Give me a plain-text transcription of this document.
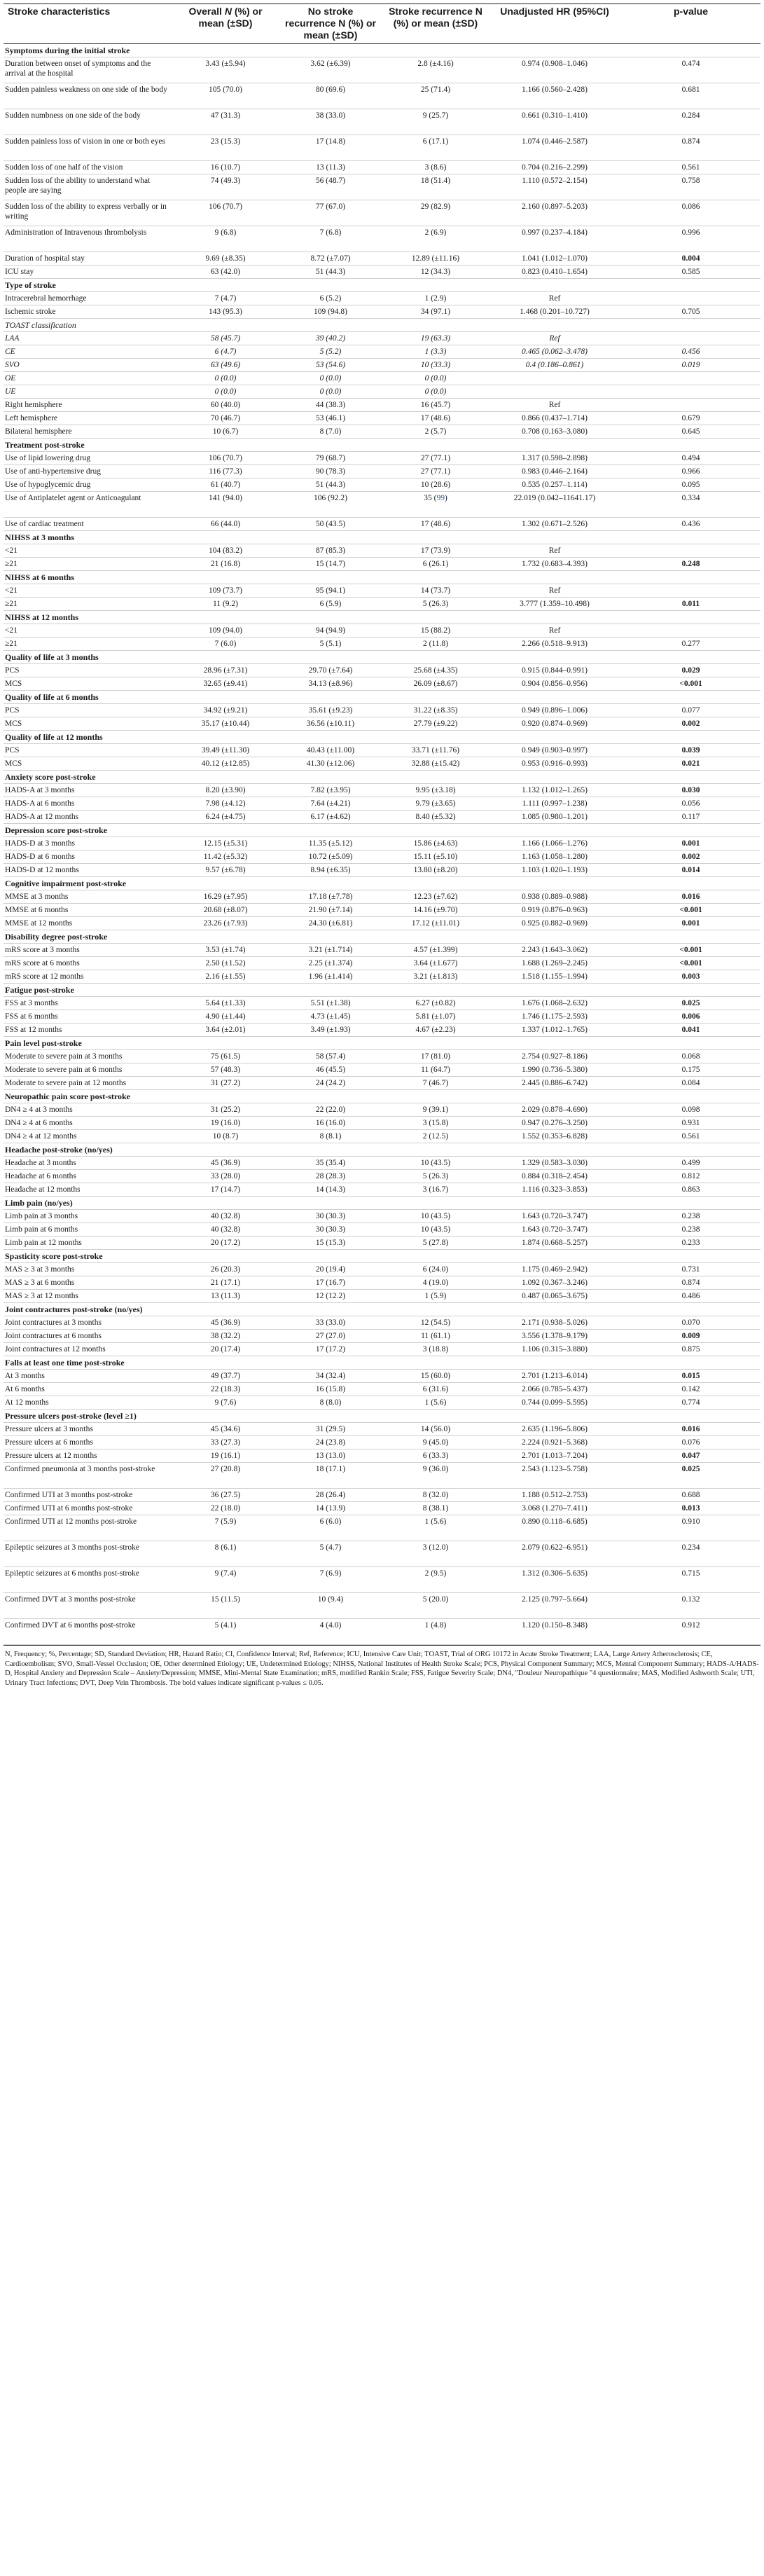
Stroke characteristics	Overall N (%) or mean (±SD)	No stroke recurrence N (%) or mean (±SD)	Stroke recurrence N (%) or mean (±SD)	Unadjusted HR (95%CI)	p-value
Symptoms during the initial stroke					
Duration between onset of symptoms and the arrival at the hospital	3.43 (±5.94)	3.62 (±6.39)	2.8 (±4.16)	0.974 (0.908–1.046)	0.474
Sudden painless weakness on one side of the body	105 (70.0)	80 (69.6)	25 (71.4)	1.166 (0.560–2.428)	0.681
Sudden numbness on one side of the body	47 (31.3)	38 (33.0)	9 (25.7)	0.661 (0.310–1.410)	0.284
Sudden painless loss of vision in one or both eyes	23 (15.3)	17 (14.8)	6 (17.1)	1.074 (0.446–2.587)	0.874
Sudden loss of one half of the vision	16 (10.7)	13 (11.3)	3 (8.6)	0.704 (0.216–2.299)	0.561
Sudden loss of the ability to understand what people are saying	74 (49.3)	56 (48.7)	18 (51.4)	1.110 (0.572–2.154)	0.758
Sudden loss of the ability to express verbally or in writing	106 (70.7)	77 (67.0)	29 (82.9)	2.160 (0.897–5.203)	0.086
Administration of Intravenous thrombolysis	9 (6.8)	7 (6.8)	2 (6.9)	0.997 (0.237–4.184)	0.996
Duration of hospital stay	9.69 (±8.35)	8.72 (±7.07)	12.89 (±11.16)	1.041 (1.012–1.070)	0.004
ICU stay	63 (42.0)	51 (44.3)	12 (34.3)	0.823 (0.410–1.654)	0.585
Type of stroke					
Intracerebral hemorrhage	7 (4.7)	6 (5.2)	1 (2.9)	Ref	
Ischemic stroke	143 (95.3)	109 (94.8)	34 (97.1)	1.468 (0.201–10.727)	0.705
TOAST classification					
LAA	58 (45.7)	39 (40.2)	19 (63.3)	Ref	
CE	6 (4.7)	5 (5.2)	1 (3.3)	0.465 (0.062–3.478)	0.456
SVO	63 (49.6)	53 (54.6)	10 (33.3)	0.4 (0.186–0.861)	0.019
OE	0 (0.0)	0 (0.0)	0 (0.0)		
UE	0 (0.0)	0 (0.0)	0 (0.0)		
Right hemisphere	60 (40.0)	44 (38.3)	16 (45.7)	Ref	
Left hemisphere	70 (46.7)	53 (46.1)	17 (48.6)	0.866 (0.437–1.714)	0.679
Bilateral hemisphere	10 (6.7)	8 (7.0)	2 (5.7)	0.708 (0.163–3.080)	0.645
Treatment post-stroke					
Use of lipid lowering drug	106 (70.7)	79 (68.7)	27 (77.1)	1.317 (0.598–2.898)	0.494
Use of anti-hypertensive drug	116 (77.3)	90 (78.3)	27 (77.1)	0.983 (0.446–2.164)	0.966
Use of hypoglycemic drug	61 (40.7)	51 (44.3)	10 (28.6)	0.535 (0.257–1.114)	0.095
Use of Antiplatelet agent or Anticoagulant	141 (94.0)	106 (92.2)	35 (99)	22.019 (0.042–11641.17)	0.334
Use of cardiac treatment	66 (44.0)	50 (43.5)	17 (48.6)	1.302 (0.671–2.526)	0.436
NIHSS at 3 months					
<21	104 (83.2)	87 (85.3)	17 (73.9)	Ref	
≥21	21 (16.8)	15 (14.7)	6 (26.1)	1.732 (0.683–4.393)	0.248
NIHSS at 6 months					
<21	109 (73.7)	95 (94.1)	14 (73.7)	Ref	
≥21	11 (9.2)	6 (5.9)	5 (26.3)	3.777 (1.359–10.498)	0.011
NIHSS at 12 months					
<21	109 (94.0)	94 (94.9)	15 (88.2)	Ref	
≥21	7 (6.0)	5 (5.1)	2 (11.8)	2.266 (0.518–9.913)	0.277
Quality of life at 3 months					
PCS	28.96 (±7.31)	29.70 (±7.64)	25.68 (±4.35)	0.915 (0.844–0.991)	0.029
MCS	32.65 (±9.41)	34.13 (±8.96)	26.09 (±8.67)	0.904 (0.856–0.956)	<0.001
Quality of life at 6 months					
PCS	34.92 (±9.21)	35.61 (±9.23)	31.22 (±8.35)	0.949 (0.896–1.006)	0.077
MCS	35.17 (±10.44)	36.56 (±10.11)	27.79 (±9.22)	0.920 (0.874–0.969)	0.002
Quality of life at 12 months					
PCS	39.49 (±11.30)	40.43 (±11.00)	33.71 (±11.76)	0.949 (0.903–0.997)	0.039
MCS	40.12 (±12.85)	41.30 (±12.06)	32.88 (±15.42)	0.953 (0.916–0.993)	0.021
Anxiety score post-stroke					
HADS-A at 3 months	8.20 (±3.90)	7.82 (±3.95)	9.95 (±3.18)	1.132 (1.012–1.265)	0.030
HADS-A at 6 months	7.98 (±4.12)	7.64 (±4.21)	9.79 (±3.65)	1.111 (0.997–1.238)	0.056
HADS-A at 12 months	6.24 (±4.75)	6.17 (±4.62)	8.40 (±5.32)	1.085 (0.980–1.201)	0.117
Depression score post-stroke					
HADS-D at 3 months	12.15 (±5.31)	11.35 (±5.12)	15.86 (±4.63)	1.166 (1.066–1.276)	0.001
HADS-D at 6 months	11.42 (±5.32)	10.72 (±5.09)	15.11 (±5.10)	1.163 (1.058–1.280)	0.002
HADS-D at 12 months	9.57 (±6.78)	8.94 (±6.35)	13.80 (±8.20)	1.103 (1.020–1.193)	0.014
Cognitive impairment post-stroke					
MMSE at 3 months	16.29 (±7.95)	17.18 (±7.78)	12.23 (±7.62)	0.938 (0.889–0.988)	0.016
MMSE at 6 months	20.68 (±8.07)	21.90 (±7.14)	14.16 (±9.70)	0.919 (0.876–0.963)	<0.001
MMSE at 12 months	23.26 (±7.93)	24.30 (±6.81)	17.12 (±11.01)	0.925 (0.882–0.969)	0.001
Disability degree post-stroke					
mRS score at 3 months	3.53 (±1.74)	3.21 (±1.714)	4.57 (±1.399)	2.243 (1.643–3.062)	<0.001
mRS score at 6 months	2.50 (±1.52)	2.25 (±1.374)	3.64 (±1.677)	1.688 (1.269–2.245)	<0.001
mRS score at 12 months	2.16 (±1.55)	1.96 (±1.414)	3.21 (±1.813)	1.518 (1.155–1.994)	0.003
Fatigue post-stroke					
FSS at 3 months	5.64 (±1.33)	5.51 (±1.38)	6.27 (±0.82)	1.676 (1.068–2.632)	0.025
FSS at 6 months	4.90 (±1.44)	4.73 (±1.45)	5.81 (±1.07)	1.746 (1.175–2.593)	0.006
FSS at 12 months	3.64 (±2.01)	3.49 (±1.93)	4.67 (±2.23)	1.337 (1.012–1.765)	0.041
Pain level post-stroke					
Moderate to severe pain at 3 months	75 (61.5)	58 (57.4)	17 (81.0)	2.754 (0.927–8.186)	0.068
Moderate to severe pain at 6 months	57 (48.3)	46 (45.5)	11 (64.7)	1.990 (0.736–5.380)	0.175
Moderate to severe pain at 12 months	31 (27.2)	24 (24.2)	7 (46.7)	2.445 (0.886–6.742)	0.084
Neuropathic pain score post-stroke					
DN4 ≥ 4 at 3 months	31 (25.2)	22 (22.0)	9 (39.1)	2.029 (0.878–4.690)	0.098
DN4 ≥ 4 at 6 months	19 (16.0)	16 (16.0)	3 (15.8)	0.947 (0.276–3.250)	0.931
DN4 ≥ 4 at 12 months	10 (8.7)	8 (8.1)	2 (12.5)	1.552 (0.353–6.828)	0.561
Headache post-stroke (no/yes)					
Headache at 3 months	45 (36.9)	35 (35.4)	10 (43.5)	1.329 (0.583–3.030)	0.499
Headache at 6 months	33 (28.0)	28 (28.3)	5 (26.3)	0.884 (0.318–2.454)	0.812
Headache at 12 months	17 (14.7)	14 (14.3)	3 (16.7)	1.116 (0.323–3.853)	0.863
Limb pain (no/yes)					
Limb pain at 3 months	40 (32.8)	30 (30.3)	10 (43.5)	1.643 (0.720–3.747)	0.238
Limb pain at 6 months	40 (32.8)	30 (30.3)	10 (43.5)	1.643 (0.720–3.747)	0.238
Limb pain at 12 months	20 (17.2)	15 (15.3)	5 (27.8)	1.874 (0.668–5.257)	0.233
Spasticity score post-stroke					
MAS ≥ 3 at 3 months	26 (20.3)	20 (19.4)	6 (24.0)	1.175 (0.469–2.942)	0.731
MAS ≥ 3 at 6 months	21 (17.1)	17 (16.7)	4 (19.0)	1.092 (0.367–3.246)	0.874
MAS ≥ 3 at 12 months	13 (11.3)	12 (12.2)	1 (5.9)	0.487 (0.065–3.675)	0.486
Joint contractures post-stroke (no/yes)					
Joint contractures at 3 months	45 (36.9)	33 (33.0)	12 (54.5)	2.171 (0.938–5.026)	0.070
Joint contractures at 6 months	38 (32.2)	27 (27.0)	11 (61.1)	3.556 (1.378–9.179)	0.009
Joint contractures at 12 months	20 (17.4)	17 (17.2)	3 (18.8)	1.106 (0.315–3.880)	0.875
Falls at least one time post-stroke					
At 3 months	49 (37.7)	34 (32.4)	15 (60.0)	2.701 (1.213–6.014)	0.015
At 6 months	22 (18.3)	16 (15.8)	6 (31.6)	2.066 (0.785–5.437)	0.142
At 12 months	9 (7.6)	8 (8.0)	1 (5.6)	0.744 (0.099–5.595)	0.774
Pressure ulcers post-stroke (level ≥1)					
Pressure ulcers at 3 months	45 (34.6)	31 (29.5)	14 (56.0)	2.635 (1.196–5.806)	0.016
Pressure ulcers at 6 months	33 (27.3)	24 (23.8)	9 (45.0)	2.224 (0.921–5.368)	0.076
Pressure ulcers at 12 months	19 (16.1)	13 (13.0)	6 (33.3)	2.701 (1.013–7.204)	0.047
Confirmed pneumonia at 3 months post-stroke	27 (20.8)	18 (17.1)	9 (36.0)	2.543 (1.123–5.758)	0.025
Confirmed UTI at 3 months post-stroke	36 (27.5)	28 (26.4)	8 (32.0)	1.188 (0.512–2.753)	0.688
Confirmed UTI at 6 months post-stroke	22 (18.0)	14 (13.9)	8 (38.1)	3.068 (1.270–7.411)	0.013
Confirmed UTI at 12 months post-stroke	7 (5.9)	6 (6.0)	1 (5.6)	0.890 (0.118–6.685)	0.910
Epileptic seizures at 3 months post-stroke	8 (6.1)	5 (4.7)	3 (12.0)	2.079 (0.622–6.951)	0.234
Epileptic seizures at 6 months post-stroke	9 (7.4)	7 (6.9)	2 (9.5)	1.312 (0.306–5.635)	0.715
Confirmed DVT at 3 months post-stroke	15 (11.5)	10 (9.4)	5 (20.0)	2.125 (0.797–5.664)	0.132
Confirmed DVT at 6 months post-stroke	5 (4.1)	4 (4.0)	1 (4.8)	1.120 (0.150–8.348)	0.912
N, Frequency; %, Percentage; SD, Standard Deviation; HR, Hazard Ratio; CI, Confidence Interval; Ref, Reference; ICU, Intensive Care Unit; TOAST, Trial of ORG 10172 in Acute Stroke Treatment; LAA, Large Artery Atherosclerosis; CE, Cardioembolism; SVO, Small-Vessel Occlusion; OE, Other determined Etiology; UE, Undetermined Etiology; NIHSS, National Institutes of Health Stroke Scale; PCS, Physical Component Summary; MCS, Mental Component Summary; HADS-A/HADS-D, Hospital Anxiety and Depression Scale – Anxiety/Depression; MMSE, Mini-Mental State Examination; mRS, modified Rankin Scale; FSS, Fatigue Severity Scale; DN4, "Douleur Neuropathique "4 questionnaire; MAS, Modified Ashworth Scale; UTI, Urinary Tract Infections; DVT, Deep Vein Thrombosis. The bold values indicate significant p-values ≤ 0.05.
